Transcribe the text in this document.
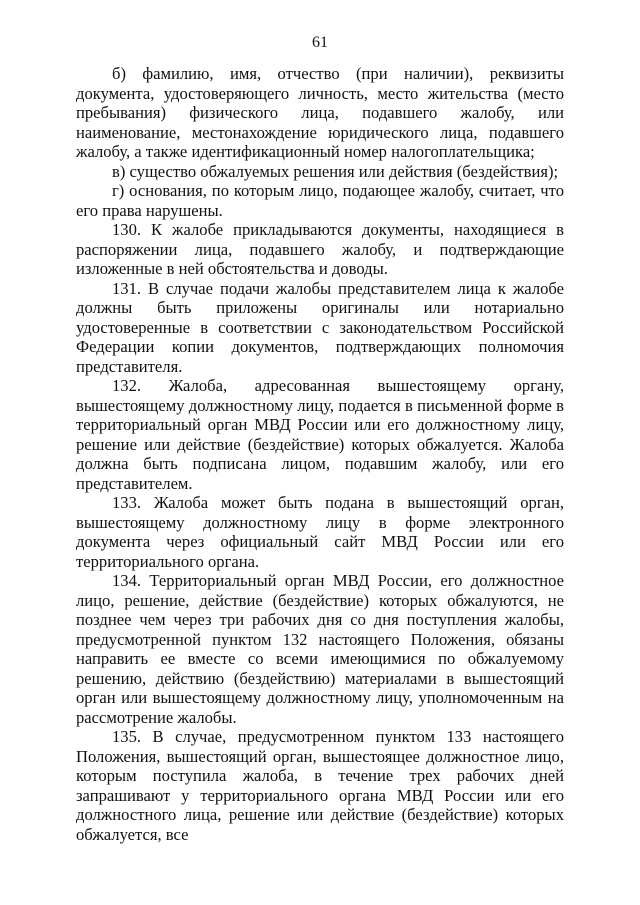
61

б) фамилию, имя, отчество (при наличии), реквизиты документа, удостоверяющего личность, место жительства (место пребывания) физического лица, подавшего жалобу, или наименование, местонахождение юридического лица, подавшего жалобу, а также идентификационный номер налогоплательщика;

в) существо обжалуемых решения или действия (бездействия);

г) основания, по которым лицо, подающее жалобу, считает, что его права нарушены.

130. К жалобе прикладываются документы, находящиеся в распоряжении лица, подавшего жалобу, и подтверждающие изложенные в ней обстоятельства и доводы.

131. В случае подачи жалобы представителем лица к жалобе должны быть приложены оригиналы или нотариально удостоверенные в соответствии с законодательством Российской Федерации копии документов, подтверждающих полномочия представителя.

132. Жалоба, адресованная вышестоящему органу, вышестоящему должностному лицу, подается в письменной форме в территориальный орган МВД России или его должностному лицу, решение или действие (бездействие) которых обжалуется. Жалоба должна быть подписана лицом, подавшим жалобу, или его представителем.

133. Жалоба может быть подана в вышестоящий орган, вышестоящему должностному лицу в форме электронного документа через официальный сайт МВД России или его территориального органа.

134. Территориальный орган МВД России, его должностное лицо, решение, действие (бездействие) которых обжалуются, не позднее чем через три рабочих дня со дня поступления жалобы, предусмотренной пунктом 132 настоящего Положения, обязаны направить ее вместе со всеми имеющимися по обжалуемому решению, действию (бездействию) материалами в вышестоящий орган или вышестоящему должностному лицу, уполномоченным на рассмотрение жалобы.

135. В случае, предусмотренном пунктом 133 настоящего Положения, вышестоящий орган, вышестоящее должностное лицо, которым поступила жалоба, в течение трех рабочих дней запрашивают у территориального органа МВД России или его должностного лица, решение или действие (бездействие) которых обжалуется, все
